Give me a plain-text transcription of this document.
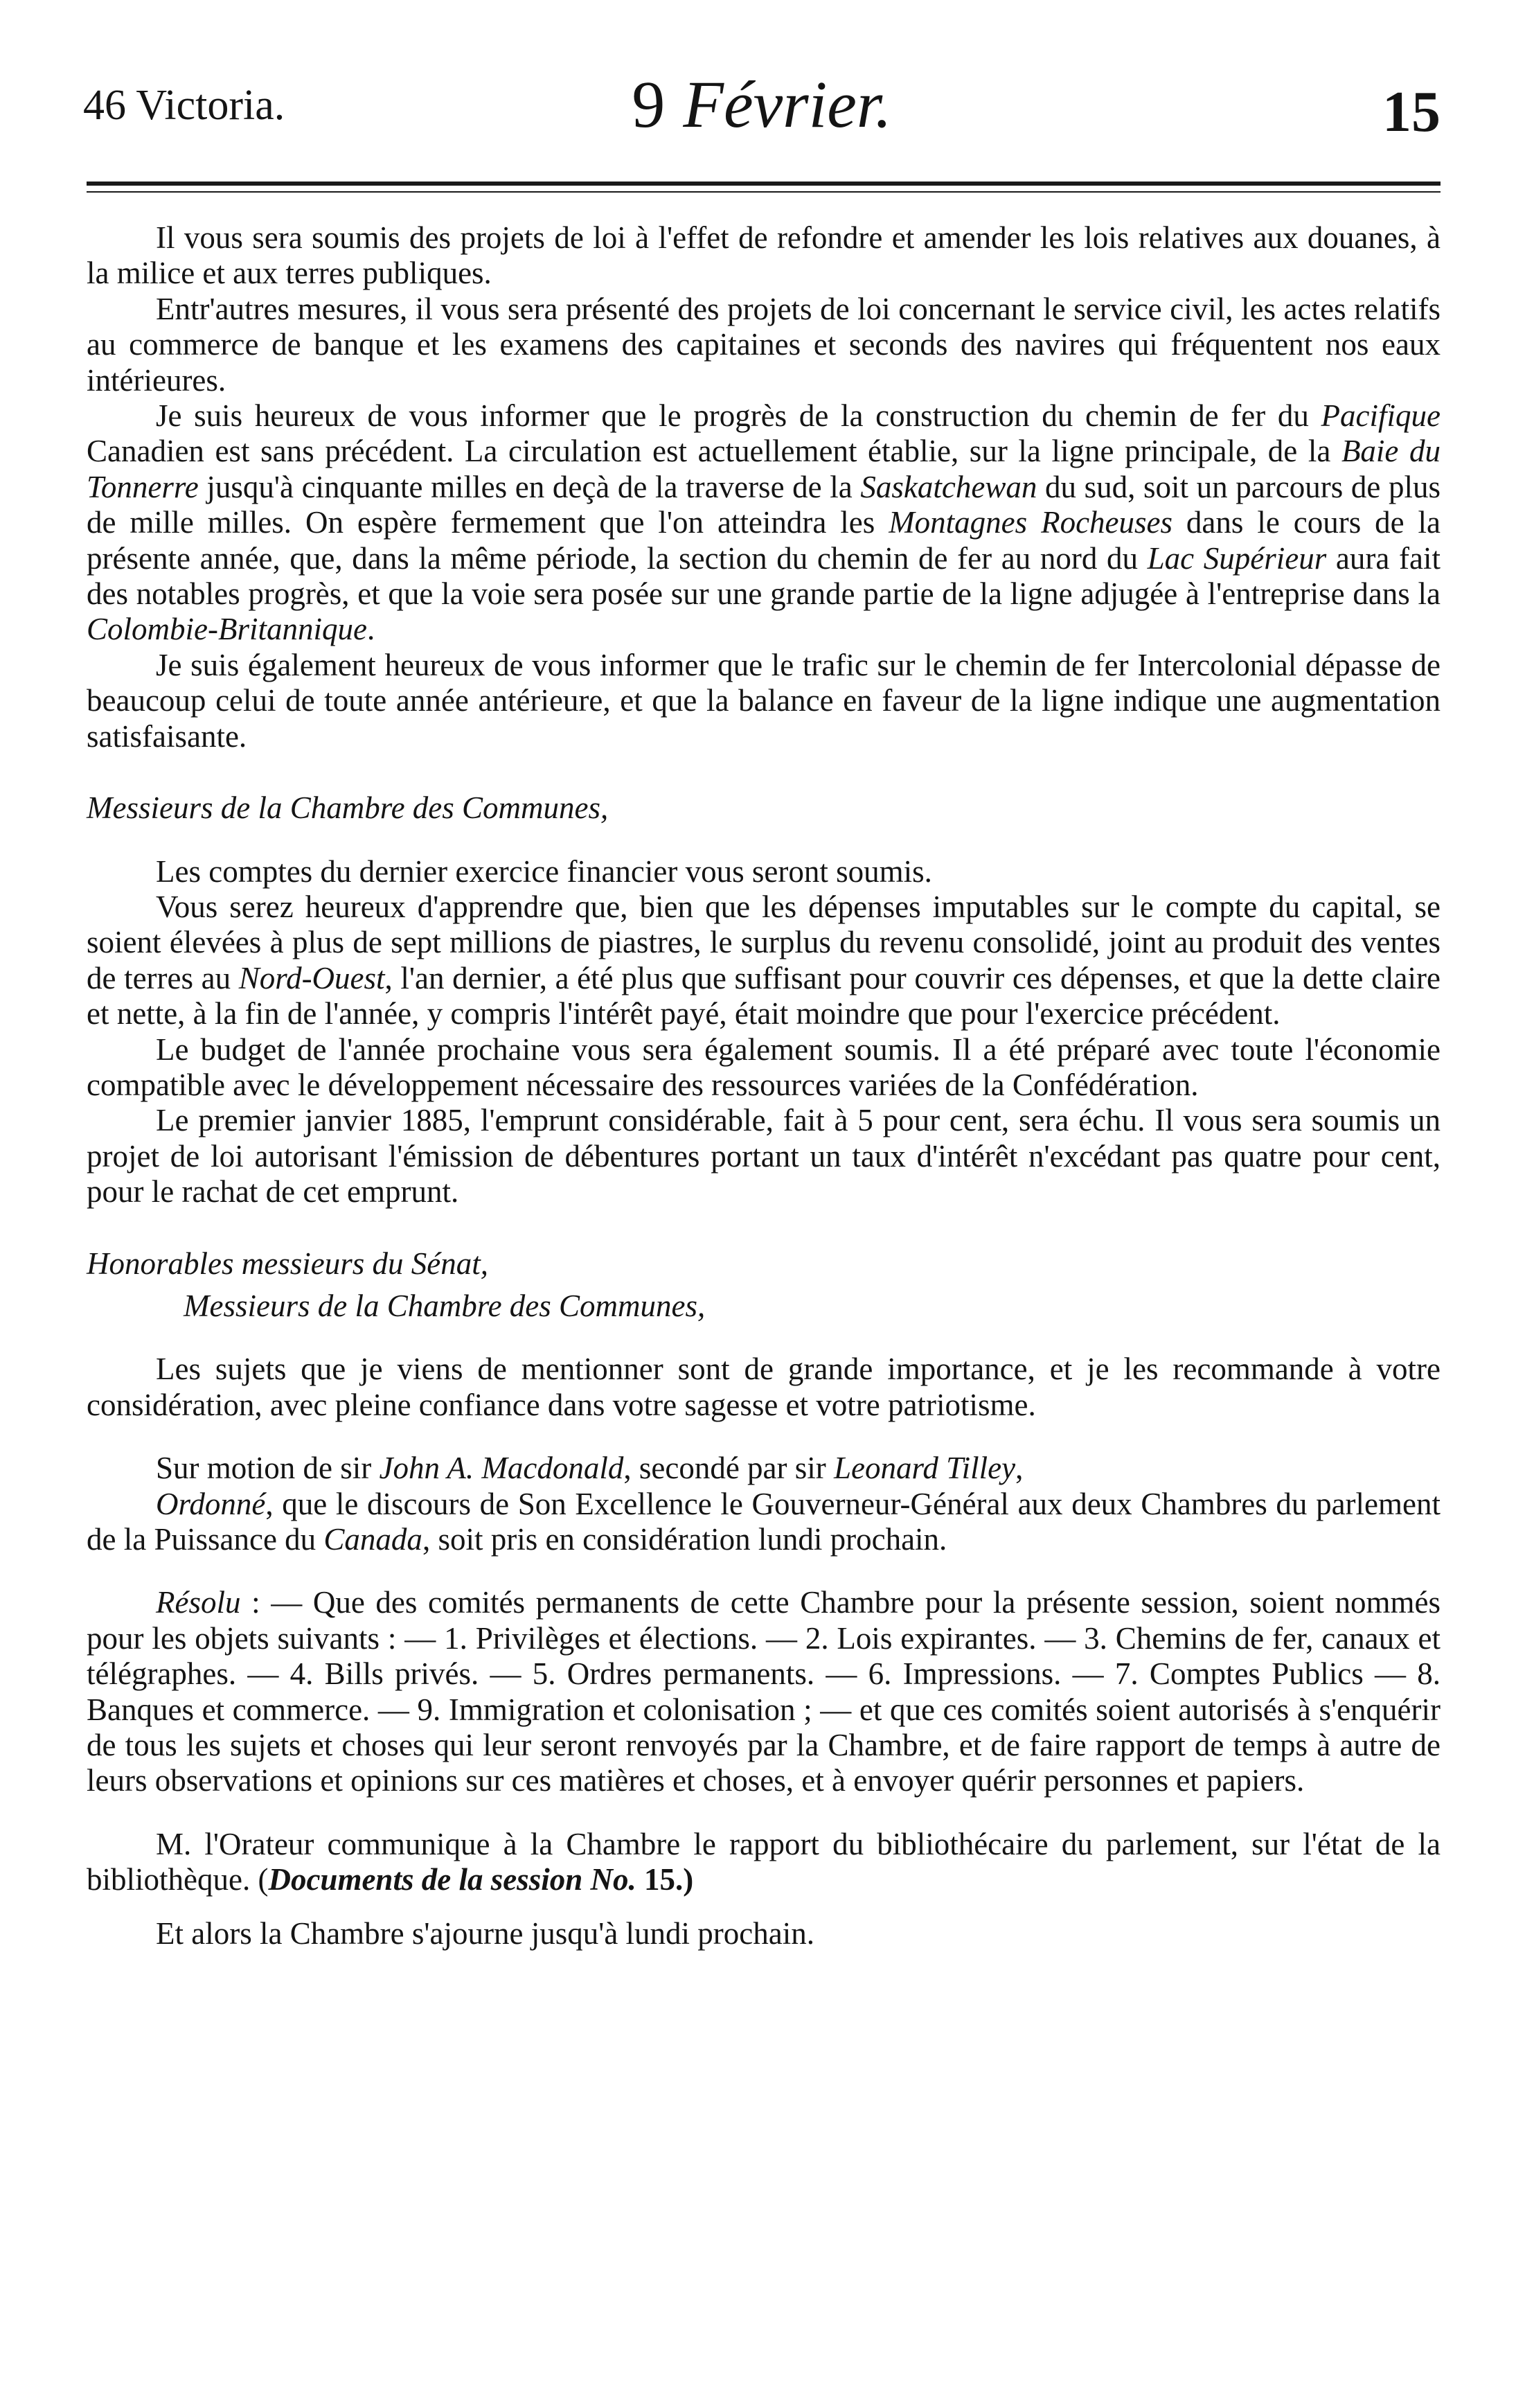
46 Victoria.	9 Février.	15

Il vous sera soumis des projets de loi à l'effet de refondre et amender les lois relatives aux douanes, à la milice et aux terres publiques.

Entr'autres mesures, il vous sera présenté des projets de loi concernant le service civil, les actes relatifs au commerce de banque et les examens des capitaines et seconds des navires qui fréquentent nos eaux intérieures.

Je suis heureux de vous informer que le progrès de la construction du chemin de fer du Pacifique Canadien est sans précédent. La circulation est actuellement établie, sur la ligne principale, de la Baie du Tonnerre jusqu'à cinquante milles en deçà de la traverse de la Saskatchewan du sud, soit un parcours de plus de mille milles. On espère fermement que l'on atteindra les Montagnes Rocheuses dans le cours de la présente année, que, dans la même période, la section du chemin de fer au nord du Lac Supérieur aura fait des notables progrès, et que la voie sera posée sur une grande partie de la ligne adjugée à l'entreprise dans la Colombie-Britannique.

Je suis également heureux de vous informer que le trafic sur le chemin de fer Intercolonial dépasse de beaucoup celui de toute année antérieure, et que la balance en faveur de la ligne indique une augmentation satisfaisante.

Messieurs de la Chambre des Communes,

Les comptes du dernier exercice financier vous seront soumis.

Vous serez heureux d'apprendre que, bien que les dépenses imputables sur le compte du capital, se soient élevées à plus de sept millions de piastres, le surplus du revenu consolidé, joint au produit des ventes de terres au Nord-Ouest, l'an dernier, a été plus que suffisant pour couvrir ces dépenses, et que la dette claire et nette, à la fin de l'année, y compris l'intérêt payé, était moindre que pour l'exercice précédent.

Le budget de l'année prochaine vous sera également soumis. Il a été préparé avec toute l'économie compatible avec le développement nécessaire des ressources variées de la Confédération.

Le premier janvier 1885, l'emprunt considérable, fait à 5 pour cent, sera échu. Il vous sera soumis un projet de loi autorisant l'émission de débentures portant un taux d'intérêt n'excédant pas quatre pour cent, pour le rachat de cet emprunt.

Honorables messieurs du Sénat,

Messieurs de la Chambre des Communes,

Les sujets que je viens de mentionner sont de grande importance, et je les recommande à votre considération, avec pleine confiance dans votre sagesse et votre patriotisme.

Sur motion de sir John A. Macdonald, secondé par sir Leonard Tilley,

Ordonné, que le discours de Son Excellence le Gouverneur-Général aux deux Chambres du parlement de la Puissance du Canada, soit pris en considération lundi prochain.

Résolu : — Que des comités permanents de cette Chambre pour la présente session, soient nommés pour les objets suivants : — 1. Privilèges et élections. — 2. Lois expirantes. — 3. Chemins de fer, canaux et télégraphes. — 4. Bills privés. — 5. Ordres permanents. — 6. Impressions. — 7. Comptes Publics — 8. Banques et commerce. — 9. Immigration et colonisation ; — et que ces comités soient autorisés à s'enquérir de tous les sujets et choses qui leur seront renvoyés par la Chambre, et de faire rapport de temps à autre de leurs observations et opinions sur ces matières et choses, et à envoyer quérir personnes et papiers.

M. l'Orateur communique à la Chambre le rapport du bibliothécaire du parlement, sur l'état de la bibliothèque. (Documents de la session No. 15.)

Et alors la Chambre s'ajourne jusqu'à lundi prochain.
